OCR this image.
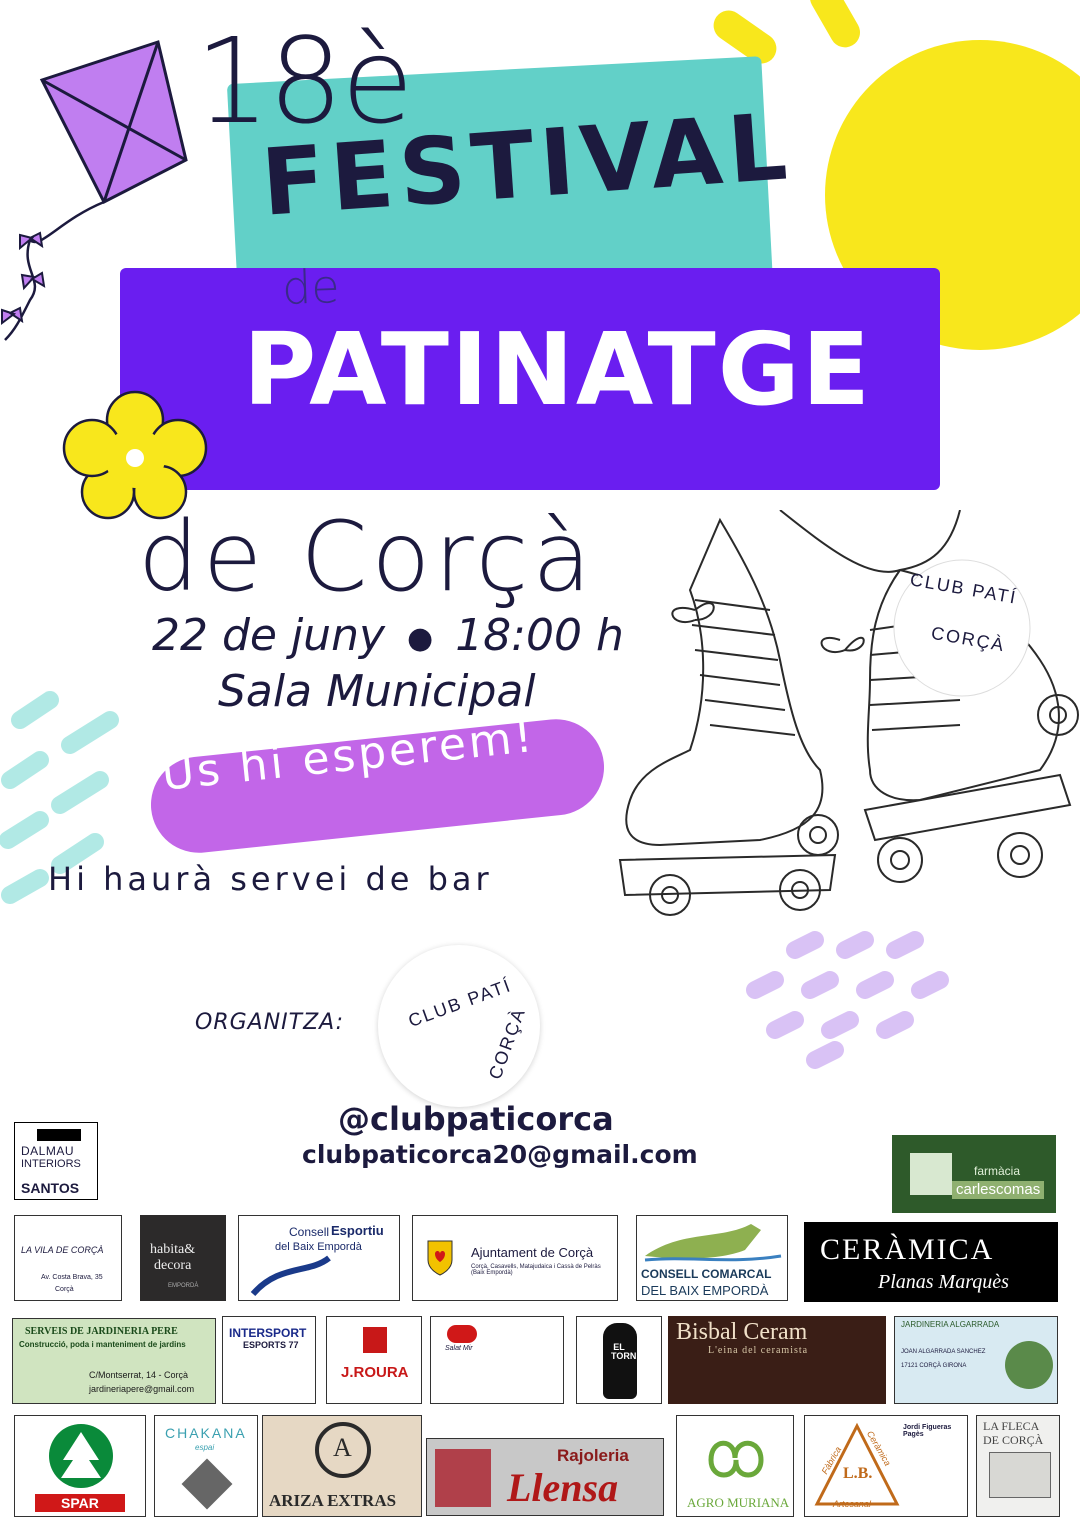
18è
FESTIVAL
de
PATINATGE
de Corçà
22 de juny ● 18:00 h
Sala Municipal
CLUB PATÍ
CORÇÀ
Us hi esperem!
Hi haurà servei de bar
ORGANITZA:	CLUB PATÍ
CORÇÀ
@clubpaticorca
clubpaticorca20@gmail.com
DALMAU
INTERIORS
SANTOS
farmàcia
carlescomas
LA VILA DE CORÇÀ
Av. Costa Brava, 35
Corçà
habita&
decora
EMPORDÀ
Consell Esportiu
del Baix Empordà	Ajuntament de Corçà
Corçà, Casavells, Matajudaica i Cassà de Pelràs (Baix Empordà)	CONSELL COMARCAL
DEL BAIX EMPORDÀ
CERÀMICA
Planas Marquès
SERVEIS DE JARDINERIA PERE
Construcció, poda i manteniment de jardins
C/Montserrat, 14 - Corçà
jardineriapere@gmail.com
INTERSPORT
ESPORTS 77
J.ROURA
Salat Mir	EL TORN
Bisbal Ceram
L'eina del ceramista
JARDINERIA ALGARRADA
JOAN ALGARRADA SANCHEZ
17121 CORÇÀ GIRONA
SPAR
CHAKANA
espai	A
ARIZA EXTRAS
Rajoleria
Llensa	AGRO MURIANA
L.B.
Fàbrica Ceràmica
Artesanal
Jordi Figueras Pagès
LA FLECA
DE CORÇÀ
